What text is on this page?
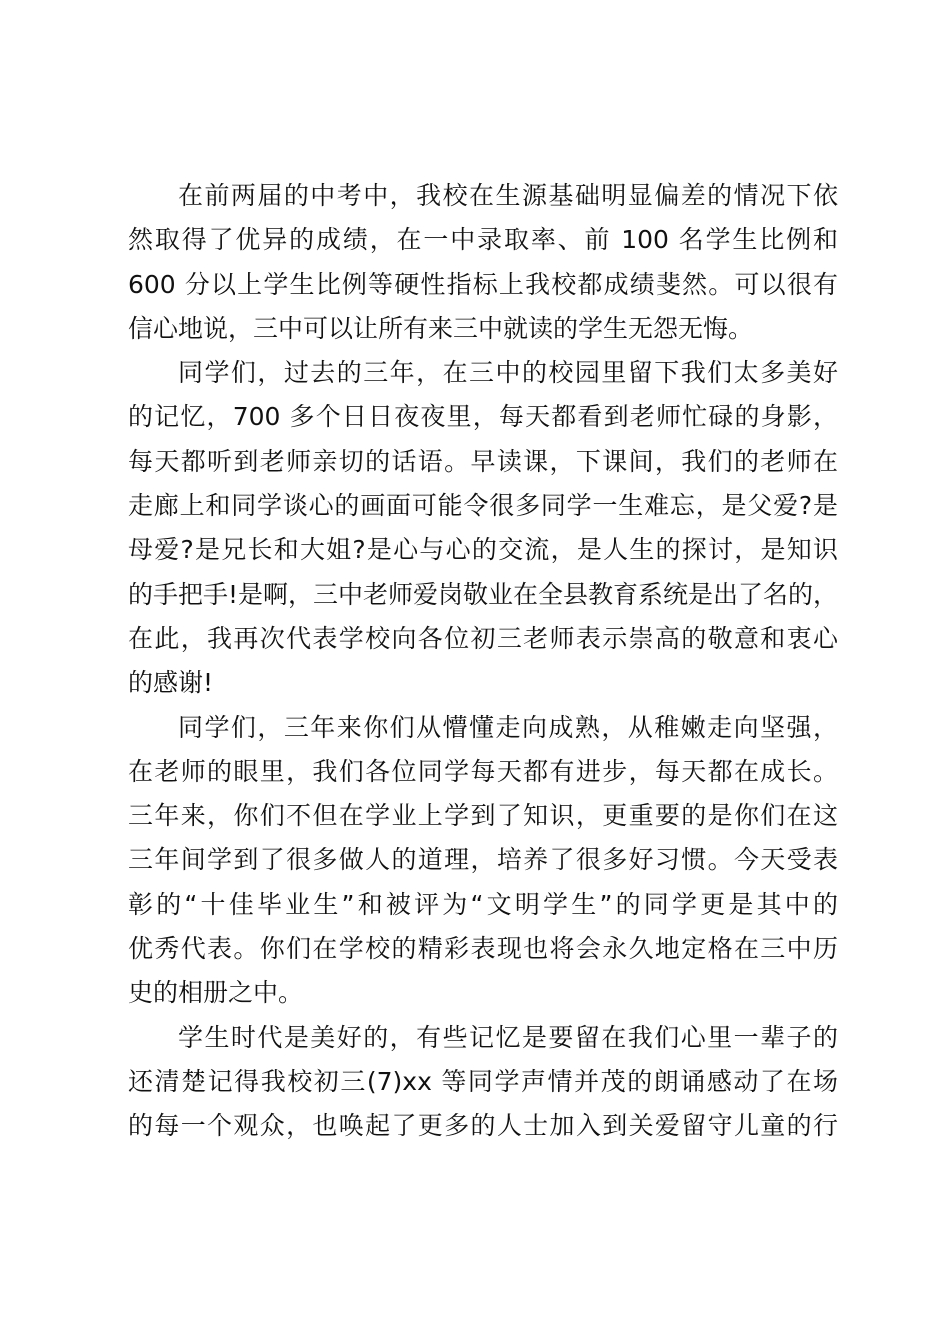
在前两届的中考中，我校在生源基础明显偏差的情况下依
然取得了优异的成绩，在一中录取率、前 100 名学生比例和
600 分以上学生比例等硬性指标上我校都成绩斐然。可以很有
信心地说，三中可以让所有来三中就读的学生无怨无悔。
同学们，过去的三年，在三中的校园里留下我们太多美好
的记忆，700 多个日日夜夜里，每天都看到老师忙碌的身影，
每天都听到老师亲切的话语。早读课，下课间，我们的老师在
走廊上和同学谈心的画面可能令很多同学一生难忘，是父爱?是
母爱?是兄长和大姐?是心与心的交流，是人生的探讨，是知识
的手把手!是啊，三中老师爱岗敬业在全县教育系统是出了名的，
在此，我再次代表学校向各位初三老师表示崇高的敬意和衷心
的感谢!
同学们，三年来你们从懵懂走向成熟，从稚嫩走向坚强，
在老师的眼里，我们各位同学每天都有进步，每天都在成长。
三年来，你们不但在学业上学到了知识，更重要的是你们在这
三年间学到了很多做人的道理，培养了很多好习惯。今天受表
彰的“十佳毕业生”和被评为“文明学生”的同学更是其中的
优秀代表。你们在学校的精彩表现也将会永久地定格在三中历
史的相册之中。
学生时代是美好的，有些记忆是要留在我们心里一辈子的
还清楚记得我校初三(7)xx 等同学声情并茂的朗诵感动了在场
的每一个观众，也唤起了更多的人士加入到关爱留守儿童的行
